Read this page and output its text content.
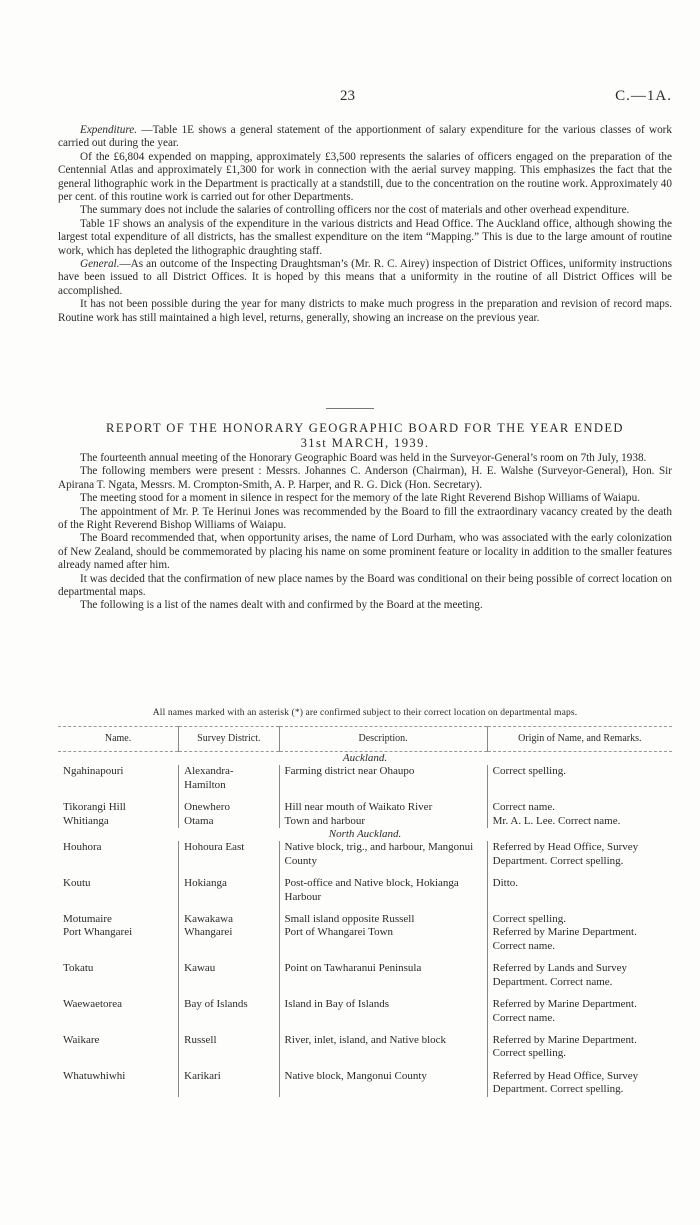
23	C.—1A.

Expenditure. —Table 1E shows a general statement of the apportionment of salary expenditure for the various classes of work carried out during the year.

Of the £6,804 expended on mapping, approximately £3,500 represents the salaries of officers engaged on the preparation of the Centennial Atlas and approximately £1,300 for work in connection with the aerial survey mapping. This emphasizes the fact that the general lithographic work in the Department is practically at a standstill, due to the concentration on the routine work. Approximately 40 per cent. of this routine work is carried out for other Departments.

The summary does not include the salaries of controlling officers nor the cost of materials and other overhead expenditure.

Table 1F shows an analysis of the expenditure in the various districts and Head Office. The Auckland office, although showing the largest total expenditure of all districts, has the smallest expenditure on the item “Mapping.” This is due to the large amount of routine work, which has depleted the lithographic draughting staff.

General.—As an outcome of the Inspecting Draughtsman’s (Mr. R. C. Airey) inspection of District Offices, uniformity instructions have been issued to all District Offices. It is hoped by this means that a uniformity in the routine of all District Offices will be accomplished.

It has not been possible during the year for many districts to make much progress in the preparation and revision of record maps. Routine work has still maintained a high level, returns, generally, showing an increase on the previous year.

REPORT OF THE HONORARY GEOGRAPHIC BOARD FOR THE YEAR ENDED
31st MARCH, 1939.

The fourteenth annual meeting of the Honorary Geographic Board was held in the Surveyor-General’s room on 7th July, 1938.

The following members were present : Messrs. Johannes C. Anderson (Chairman), H. E. Walshe (Surveyor-General), Hon. Sir Apirana T. Ngata, Messrs. M. Crompton-Smith, A. P. Harper, and R. G. Dick (Hon. Secretary).

The meeting stood for a moment in silence in respect for the memory of the late Right Reverend Bishop Williams of Waiapu.

The appointment of Mr. P. Te Herinui Jones was recommended by the Board to fill the extraordinary vacancy created by the death of the Right Reverend Bishop Williams of Waiapu.

The Board recommended that, when opportunity arises, the name of Lord Durham, who was associated with the early colonization of New Zealand, should be commemorated by placing his name on some prominent feature or locality in addition to the smaller features already named after him.

It was decided that the confirmation of new place names by the Board was conditional on their being possible of correct location on departmental maps.

The following is a list of the names dealt with and confirmed by the Board at the meeting.

All names marked with an asterisk (*) are confirmed subject to their correct location on departmental maps.
Name.	Survey District.	Description.	Origin of Name, and Remarks.
Auckland.			
Ngahinapouri	Alexandra-Hamilton	Farming district near Ohaupo	Correct spelling.
Tikorangi Hill	Onewhero	Hill near mouth of Waikato River	Correct name.
Whitianga	Otama	Town and harbour	Mr. A. L. Lee. Correct name.
North Auckland.			
Houhora	Hohoura East	Native block, trig., and harbour, Mangonui County	Referred by Head Office, Survey Department. Correct spelling.
Koutu	Hokianga	Post-office and Native block, Hokianga Harbour	Ditto.
Motumaire	Kawakawa	Small island opposite Russell	Correct spelling.
Port Whangarei	Whangarei	Port of Whangarei Town	Referred by Marine Department. Correct name.
Tokatu	Kawau	Point on Tawharanui Peninsula	Referred by Lands and Survey Department. Correct name.
Waewaetorea	Bay of Islands	Island in Bay of Islands	Referred by Marine Department. Correct name.
Waikare	Russell	River, inlet, island, and Native block	Referred by Marine Department. Correct spelling.
Whatuwhiwhi	Karikari	Native block, Mangonui County	Referred by Head Office, Survey Department. Correct spelling.
